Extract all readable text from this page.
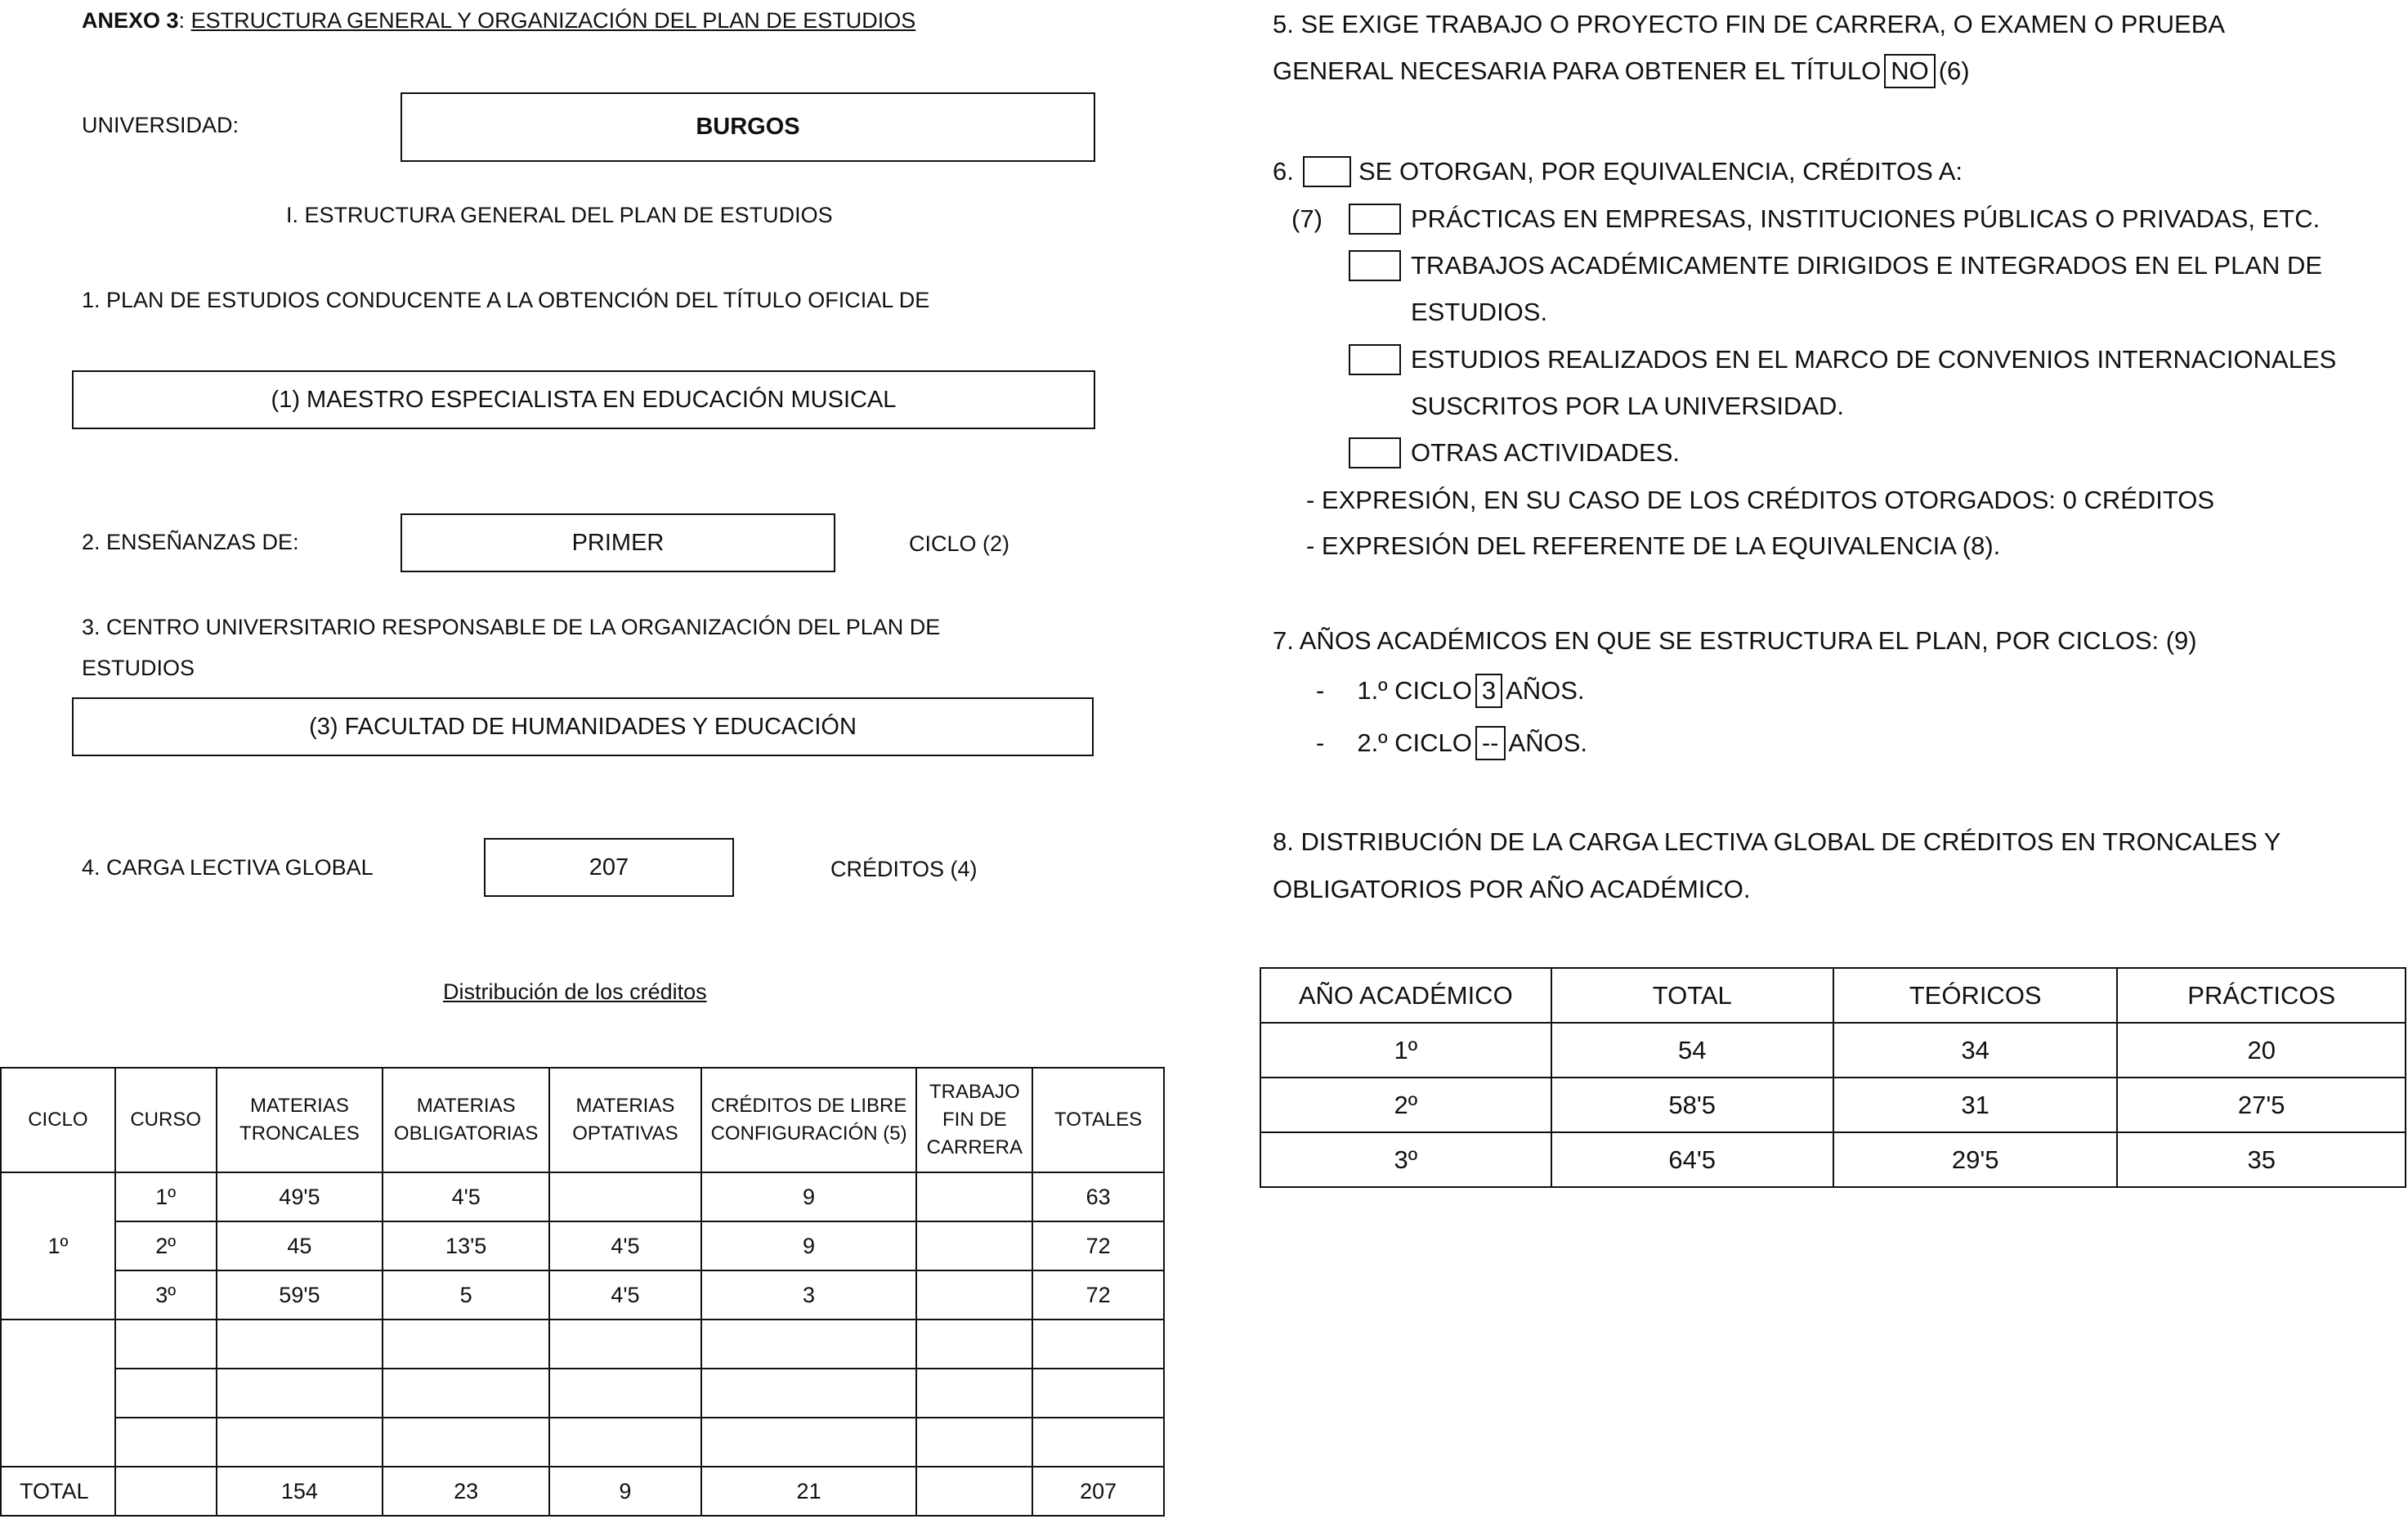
ANEXO 3: ESTRUCTURA GENERAL Y ORGANIZACIÓN DEL PLAN DE ESTUDIOS
UNIVERSIDAD:	BURGOS
I. ESTRUCTURA GENERAL DEL PLAN DE ESTUDIOS
1. PLAN DE ESTUDIOS CONDUCENTE A LA OBTENCIÓN DEL TÍTULO OFICIAL DE
(1) MAESTRO ESPECIALISTA EN EDUCACIÓN MUSICAL
2. ENSEÑANZAS DE:	PRIMER	CICLO (2)
3. CENTRO UNIVERSITARIO RESPONSABLE DE LA ORGANIZACIÓN DEL PLAN DE
ESTUDIOS
(3) FACULTAD DE HUMANIDADES Y EDUCACIÓN
4. CARGA LECTIVA GLOBAL	207	CRÉDITOS (4)
Distribución de los créditos
CICLO	CURSO	MATERIAS TRONCALES	MATERIAS OBLIGATORIAS	MATERIAS OPTATIVAS	CRÉDITOS DE LIBRE CONFIGURACIÓN (5)	TRABAJO FIN DE CARRERA	TOTALES
1º	1º	49'5	4'5		9		63
	2º	45	13'5	4'5	9		72
	3º	59'5	5	4'5	3		72

TOTAL		154	23	9	21		207
5. SE EXIGE TRABAJO O PROYECTO FIN DE CARRERA, O EXAMEN O PRUEBA
GENERAL NECESARIA PARA OBTENER EL TÍTULO NO (6)
6.	SE OTORGAN, POR EQUIVALENCIA, CRÉDITOS A:
(7)	PRÁCTICAS EN EMPRESAS, INSTITUCIONES PÚBLICAS O PRIVADAS, ETC.
TRABAJOS ACADÉMICAMENTE DIRIGIDOS E INTEGRADOS EN EL PLAN DE
ESTUDIOS.
ESTUDIOS REALIZADOS EN EL MARCO DE CONVENIOS INTERNACIONALES
SUSCRITOS POR LA UNIVERSIDAD.
OTRAS ACTIVIDADES.
- EXPRESIÓN, EN SU CASO DE LOS CRÉDITOS OTORGADOS: 0 CRÉDITOS
- EXPRESIÓN DEL REFERENTE DE LA EQUIVALENCIA (8).
7. AÑOS ACADÉMICOS EN QUE SE ESTRUCTURA EL PLAN, POR CICLOS: (9)
- 1.º CICLO 3 AÑOS.
- 2.º CICLO -- AÑOS.
8. DISTRIBUCIÓN DE LA CARGA LECTIVA GLOBAL DE CRÉDITOS EN TRONCALES Y
OBLIGATORIOS POR AÑO ACADÉMICO.
AÑO ACADÉMICO	TOTAL	TEÓRICOS	PRÁCTICOS
1º	54	34	20
2º	58'5	31	27'5
3º	64'5	29'5	35
